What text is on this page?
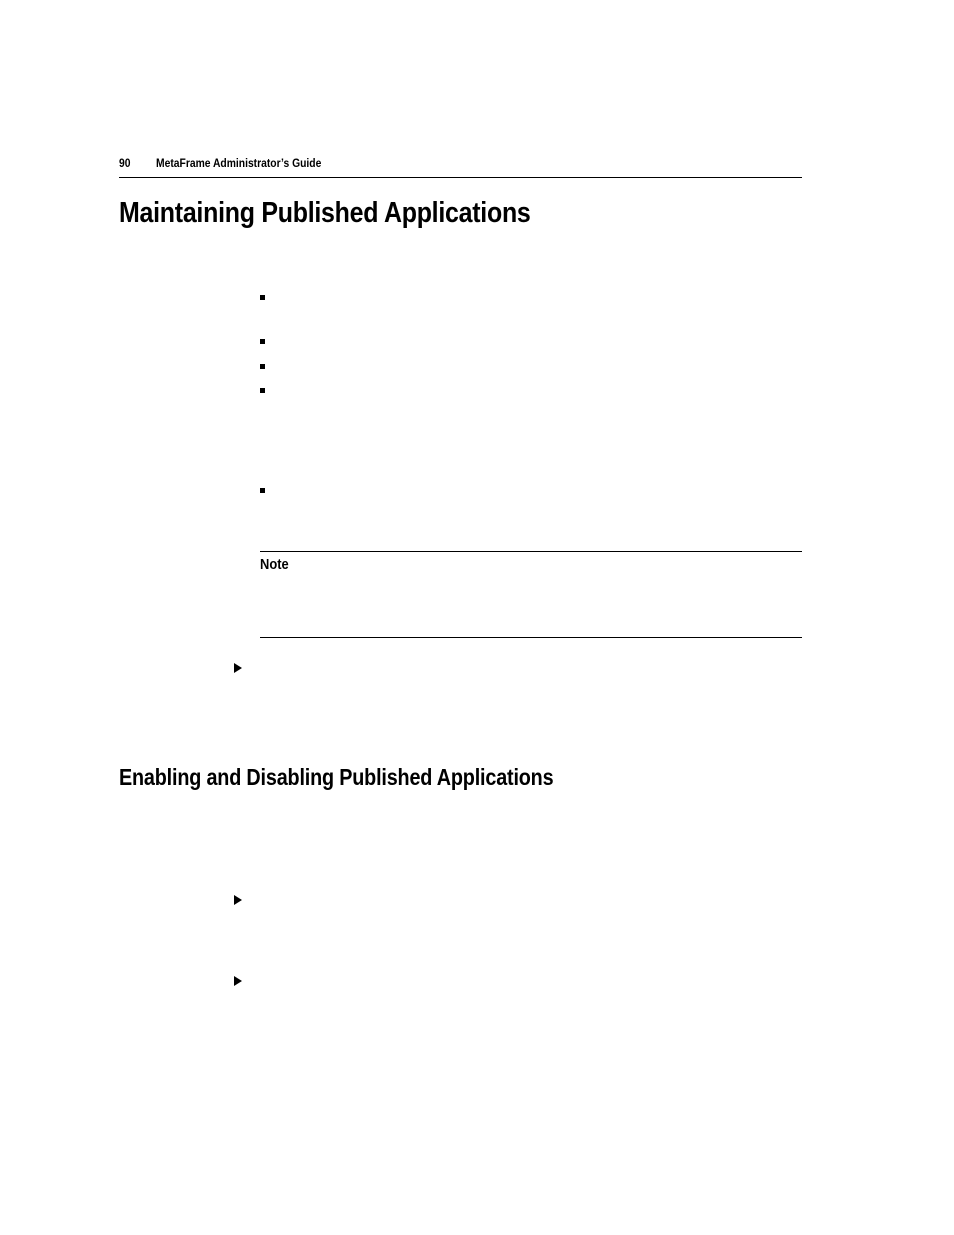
90 MetaFrame Administrator’s Guide
Maintaining Published Applications
Note
Enabling and Disabling Published Applications
